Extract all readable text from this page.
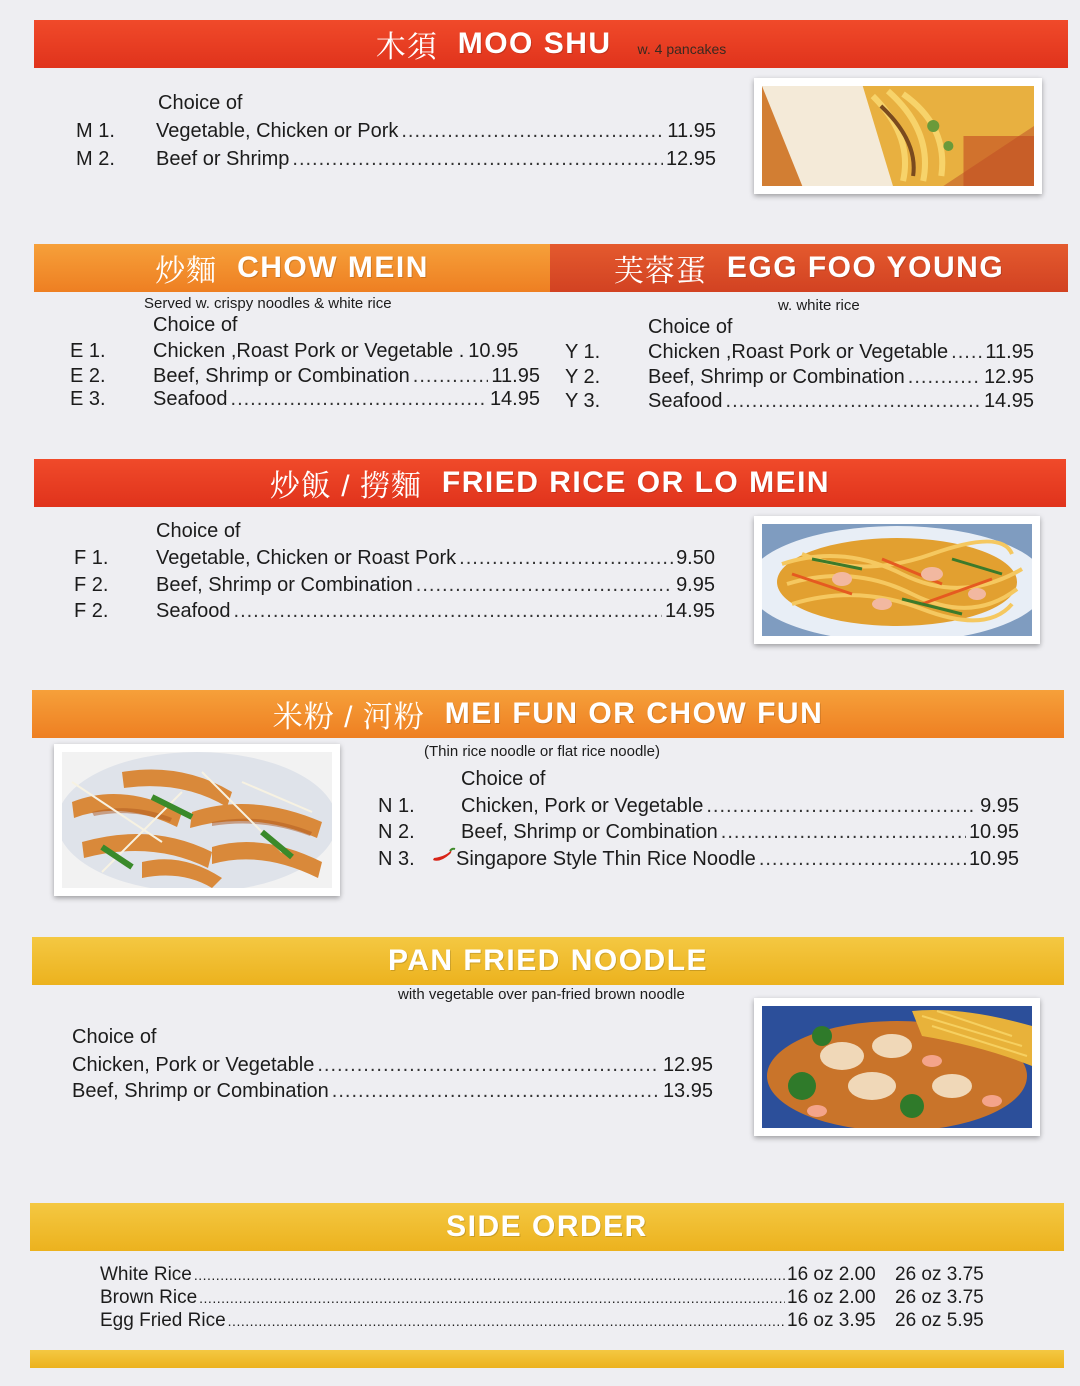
木須 MOO SHU w. 4 pancakes
Choice of
M 1.	Vegetable, Chicken or Pork .....	11.95
M 2.	Beef or Shrimp .....	12.95
炒麵 CHOW MEIN	芙蓉蛋 EGG FOO YOUNG
Served w. crispy noodles & white rice
Choice of
E 1.	Chicken ,Roast Pork or Vegetable . 10.95
E 2.	Beef, Shrimp or Combination .....	11.95
E 3.	Seafood .....	14.95
w. white rice
Choice of
Y 1.	Chicken ,Roast Pork or Vegetable ..... 11.95
Y 2.	Beef, Shrimp or Combination .....	12.95
Y 3.	Seafood .....	14.95
炒飯 / 撈麵 FRIED RICE OR LO MEIN
Choice of
F 1.	Vegetable, Chicken or Roast Pork .....	9.50
F 2.	Beef, Shrimp or Combination .....	9.95
F 2.	Seafood .....	14.95
米粉 / 河粉 MEI FUN OR CHOW FUN
(Thin rice noodle or flat rice noodle)
Choice of
N 1.	Chicken, Pork or Vegetable .....	9.95
N 2.	Beef, Shrimp or Combination .....	10.95
N 3.	Singapore Style Thin Rice Noodle .....	10.95
PAN FRIED NOODLE
with vegetable over pan-fried brown noodle
Choice of
Chicken, Pork or Vegetable .....	12.95
Beef, Shrimp or Combination .....	13.95
SIDE ORDER
White Rice .....	16 oz 2.00	26 oz 3.75
Brown Rice .....	16 oz 2.00	26 oz 3.75
Egg Fried Rice .....	16 oz 3.95	26 oz 5.95
